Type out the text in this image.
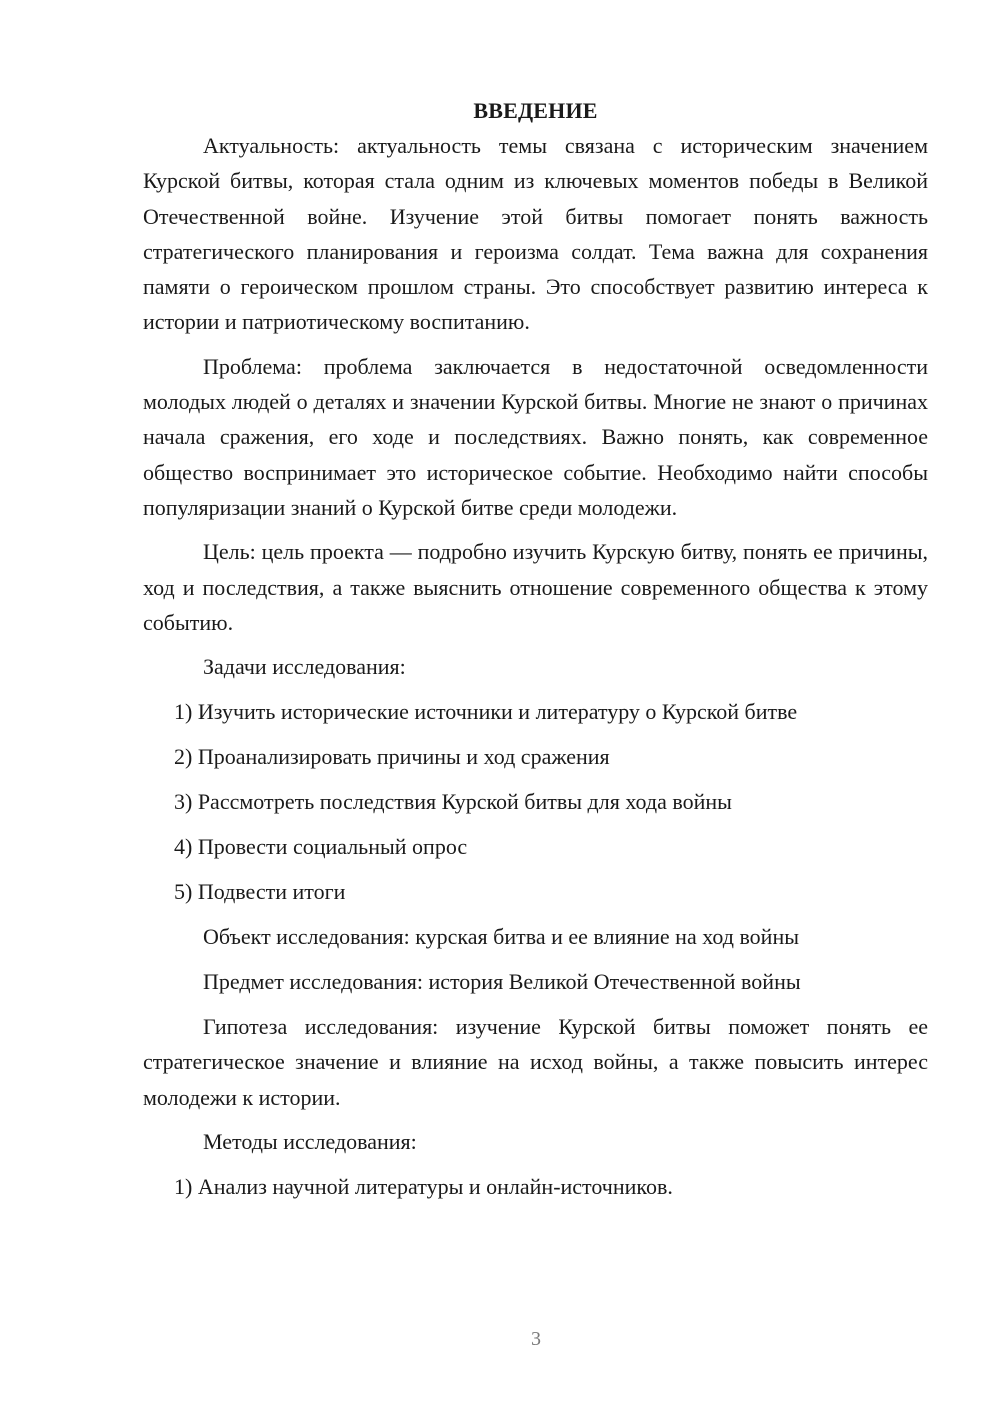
ВВЕДЕНИЕ

Актуальность: актуальность темы связана с историческим значением Курской битвы, которая стала одним из ключевых моментов победы в Великой Отечественной войне. Изучение этой битвы помогает понять важность стратегического планирования и героизма солдат. Тема важна для сохранения памяти о героическом прошлом страны. Это способствует развитию интереса к истории и патриотическому воспитанию.

Проблема: проблема заключается в недостаточной осведомленности молодых людей о деталях и значении Курской битвы. Многие не знают о причинах начала сражения, его ходе и последствиях. Важно понять, как современное общество воспринимает это историческое событие. Необходимо найти способы популяризации знаний о Курской битве среди молодежи.

Цель: цель проекта — подробно изучить Курскую битву, понять ее причины, ход и последствия, а также выяснить отношение современного общества к этому событию.

Задачи исследования:

1) Изучить исторические источники и литературу о Курской битве
2) Проанализировать причины и ход сражения
3) Рассмотреть последствия Курской битвы для хода войны
4) Провести социальный опрос
5) Подвести итоги

Объект исследования: курская битва и ее влияние на ход войны

Предмет исследования: история Великой Отечественной войны

Гипотеза исследования: изучение Курской битвы поможет понять ее стратегическое значение и влияние на исход войны, а также повысить интерес молодежи к истории.

Методы исследования:

1) Анализ научной литературы и онлайн-источников.
3
